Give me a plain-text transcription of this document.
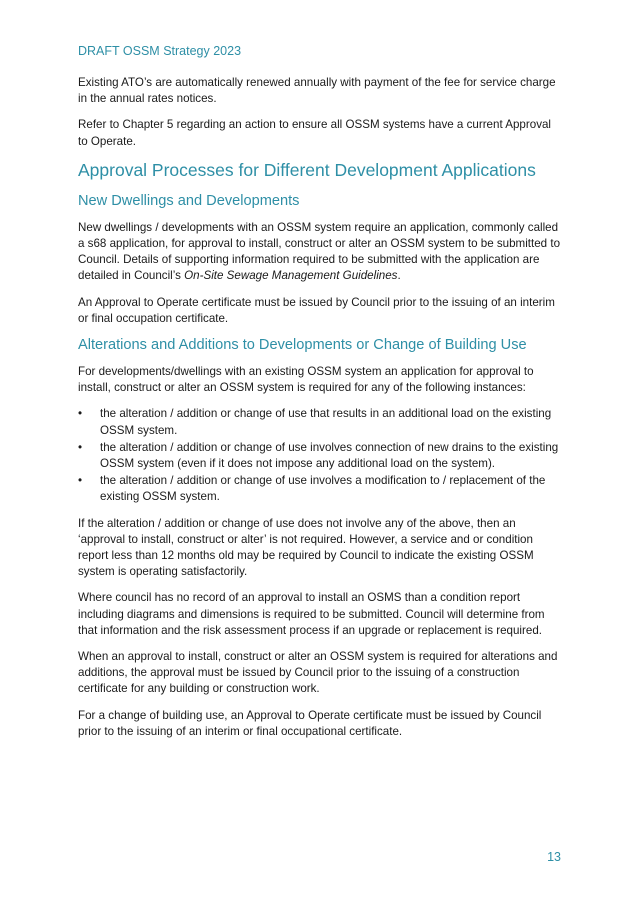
DRAFT OSSM Strategy 2023

Existing ATO’s are automatically renewed annually with payment of the fee for service charge in the annual rates notices.

Refer to Chapter 5 regarding an action to ensure all OSSM systems have a current Approval to Operate.

Approval Processes for Different Development Applications
New Dwellings and Developments

New dwellings / developments with an OSSM system require an application, commonly called a s68 application, for approval to install, construct or alter an OSSM system to be submitted to Council. Details of supporting information required to be submitted with the application are detailed in Council’s On-Site Sewage Management Guidelines.

An Approval to Operate certificate must be issued by Council prior to the issuing of an interim or final occupation certificate.

Alterations and Additions to Developments or Change of Building Use

For developments/dwellings with an existing OSSM system an application for approval to install, construct or alter an OSSM system is required for any of the following instances:

• the alteration / addition or change of use that results in an additional load on the existing OSSM system.
• the alteration / addition or change of use involves connection of new drains to the existing OSSM system (even if it does not impose any additional load on the system).
• the alteration / addition or change of use involves a modification to / replacement of the existing OSSM system.

If the alteration / addition or change of use does not involve any of the above, then an ‘approval to install, construct or alter’ is not required. However, a service and or condition report less than 12 months old may be required by Council to indicate the existing OSSM system is operating satisfactorily.

Where council has no record of an approval to install an OSMS than a condition report including diagrams and dimensions is required to be submitted. Council will determine from that information and the risk assessment process if an upgrade or replacement is required.

When an approval to install, construct or alter an OSSM system is required for alterations and additions, the approval must be issued by Council prior to the issuing of a construction certificate for any building or construction work.

For a change of building use, an Approval to Operate certificate must be issued by Council prior to the issuing of an interim or final occupational certificate.

13
